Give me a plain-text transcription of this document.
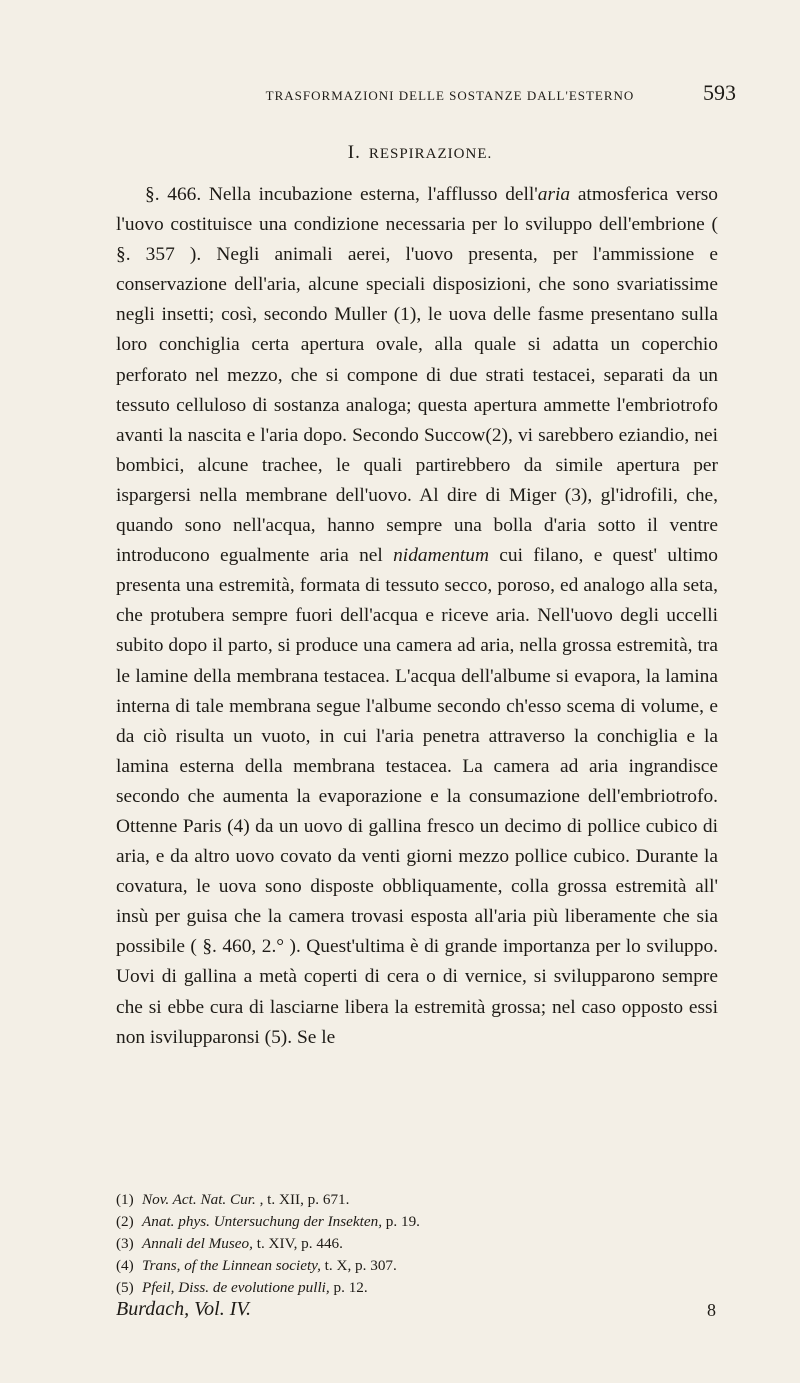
TRASFORMAZIONI DELLE SOSTANZE DALL'ESTERNO	593
I. RESPIRAZIONE.

§. 466. Nella incubazione esterna, l'afflusso dell'aria atmosferica verso l'uovo costituisce una condizione necessaria per lo sviluppo dell'embrione ( §. 357 ). Negli animali aerei, l'uovo presenta, per l'ammissione e conservazione dell'aria, alcune speciali disposizioni, che sono svariatissime negli insetti; così, secondo Muller (1), le uova delle fasme presentano sulla loro conchiglia certa apertura ovale, alla quale si adatta un coperchio perforato nel mezzo, che si compone di due strati testacei, separati da un tessuto celluloso di sostanza analoga; questa apertura ammette l'embriotrofo avanti la nascita e l'aria dopo. Secondo Succow(2), vi sarebbero eziandio, nei bombici, alcune trachee, le quali partirebbero da simile apertura per ispargersi nella membrane dell'uovo. Al dire di Miger (3), gl'idrofili, che, quando sono nell'acqua, hanno sempre una bolla d'aria sotto il ventre introducono egualmente aria nel nidamentum cui filano, e quest' ultimo presenta una estremità, formata di tessuto secco, poroso, ed analogo alla seta, che protubera sempre fuori dell'acqua e riceve aria. Nell'uovo degli uccelli subito dopo il parto, si produce una camera ad aria, nella grossa estremità, tra le lamine della membrana testacea. L'acqua dell'albume si evapora, la lamina interna di tale membrana segue l'albume secondo ch'esso scema di volume, e da ciò risulta un vuoto, in cui l'aria penetra attraverso la conchiglia e la lamina esterna della membrana testacea. La camera ad aria ingrandisce secondo che aumenta la evaporazione e la consumazione dell'embriotrofo. Ottenne Paris (4) da un uovo di gallina fresco un decimo di pollice cubico di aria, e da altro uovo covato da venti giorni mezzo pollice cubico. Durante la covatura, le uova sono disposte obbliquamente, colla grossa estremità all' insù per guisa che la camera trovasi esposta all'aria più liberamente che sia possibile ( §. 460, 2.° ). Quest'ultima è di grande importanza per lo sviluppo. Uovi di gallina a metà coperti di cera o di vernice, si svilupparono sempre che si ebbe cura di lasciarne libera la estremità grossa; nel caso opposto essi non isvilupparonsi (5). Se le

(1) Nov. Act. Nat. Cur. , t. XII, p. 671.
(2) Anat. phys. Untersuchung der Insekten, p. 19.
(3) Annali del Museo, t. XIV, p. 446.
(4) Trans, of the Linnean society, t. X, p. 307.
(5) Pfeil, Diss. de evolutione pulli, p. 12.
Burdach, Vol. IV.	8
